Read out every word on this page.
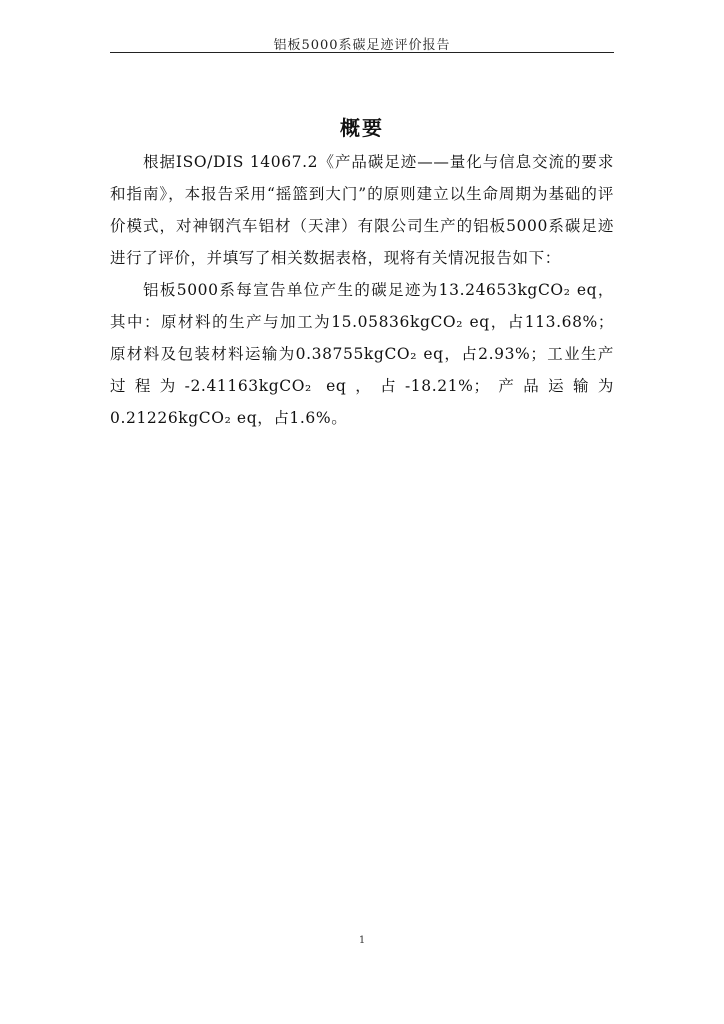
铝板5000系碳足迹评价报告
概要

根据ISO/DIS 14067.2《产品碳足迹——量化与信息交流的要求和指南》，本报告采用“摇篮到大门”的原则建立以生命周期为基础的评价模式，对神钢汽车铝材（天津）有限公司生产的铝板5000系碳足迹进行了评价，并填写了相关数据表格，现将有关情况报告如下：

铝板5000系每宣告单位产生的碳足迹为13.24653kgCO₂ eq，其中：原材料的生产与加工为15.05836kgCO₂ eq，占113.68%；原材料及包装材料运输为0.38755kgCO₂ eq，占2.93%；工业生产过程为-2.41163kgCO₂ eq，占-18.21%；产品运输为0.21226kgCO₂ eq，占1.6%。

1
